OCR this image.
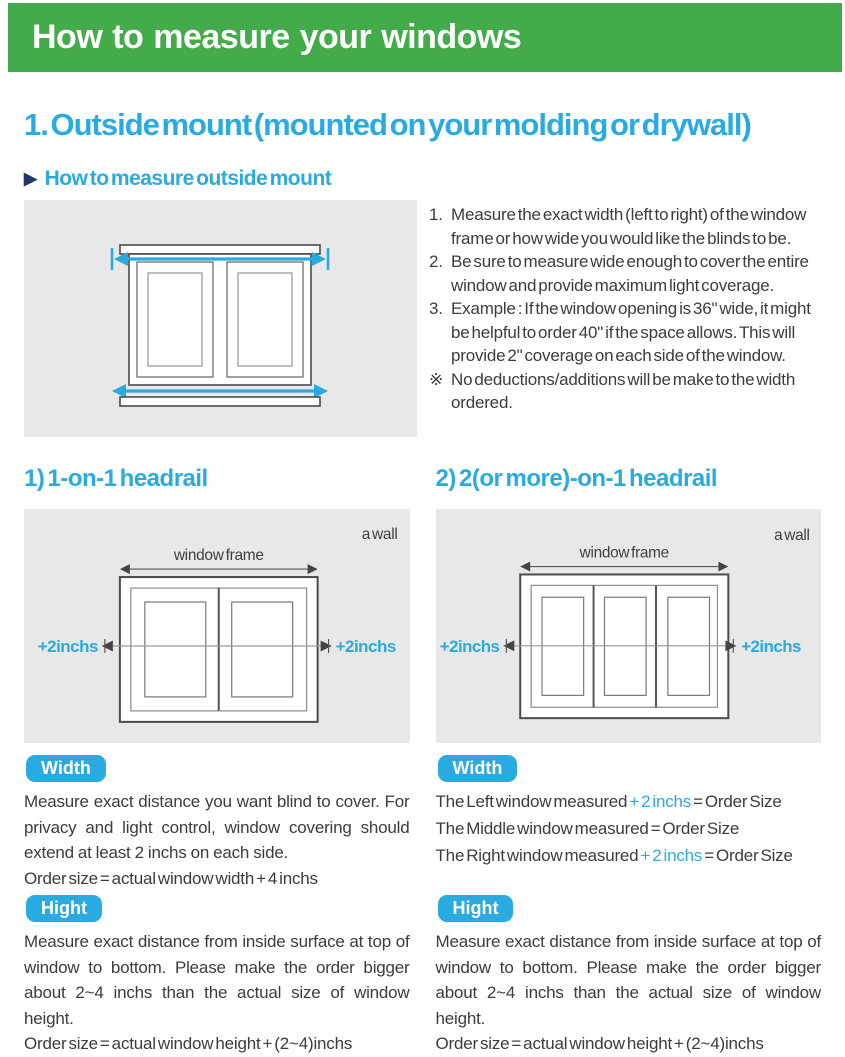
How to measure your windows
1. Outside mount (mounted on your molding or drywall)
▶ How to measure outside mount
1. Measure the exact width (left to right) of the window frame or how wide you would like the blinds to be.
2. Be sure to measure wide enough to cover the entire window and provide maximum light coverage.
3. Example : If the window opening is 36" wide, it might be helpful to order 40" if the space allows. This will provide 2" coverage on each side of the window.
※ No deductions/additions will be make to the width ordered.
1) 1-on-1 headrail
a wall
window frame
+2inchs	+2inchs
Width

Measure exact distance you want blind to cover. For privacy and light control, window covering should extend at least 2 inchs on each side.

Order size = actual window width + 4 inchs

Hight

Measure exact distance from inside surface at top of window to bottom. Please make the order bigger about 2~4 inchs than the actual size of window height.

Order size = actual window height + (2~4)inchs

2) 2(or more)-on-1 headrail
a wall
window frame
+2inchs	+2inchs
Width
The Left window measured + 2 inchs = Order Size
The Middle window measured = Order Size
The Right window measured + 2 inchs = Order Size
Hight

Measure exact distance from inside surface at top of window to bottom. Please make the order bigger about 2~4 inchs than the actual size of window height.

Order size = actual window height + (2~4)inchs
